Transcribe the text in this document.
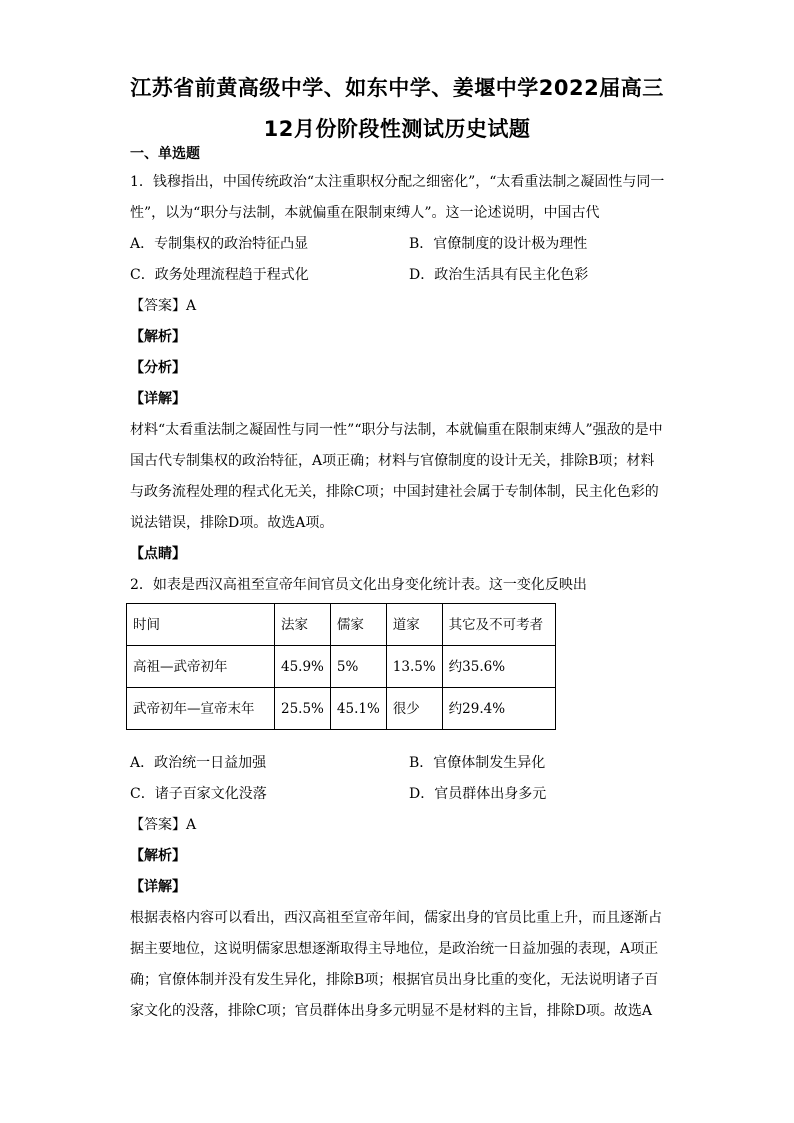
江苏省前黄高级中学、如东中学、姜堰中学2022届高三
12月份阶段性测试历史试题

一、单选题

1．钱穆指出，中国传统政治“太注重职权分配之细密化”，“太看重法制之凝固性与同一

性”，以为“职分与法制，本就偏重在限制束缚人”。这一论述说明，中国古代

A．专制集权的政治特征凸显	B．官僚制度的设计极为理性
C．政务处理流程趋于程式化	D．政治生活具有民主化色彩

【答案】A

【解析】

【分析】

【详解】

材料“太看重法制之凝固性与同一性”“职分与法制，本就偏重在限制束缚人”强敌的是中

国古代专制集权的政治特征，A项正确；材料与官僚制度的设计无关，排除B项；材料

与政务流程处理的程式化无关，排除C项；中国封建社会属于专制体制，民主化色彩的

说法错误，排除D项。故选A项。

【点睛】

2．如表是西汉高祖至宣帝年间官员文化出身变化统计表。这一变化反映出

时间	法家	儒家	道家	其它及不可考者
高祖—武帝初年	45.9%	5%	13.5%	约35.6%
武帝初年—宣帝末年	25.5%	45.1%	很少	约29.4%
A．政治统一日益加强	B．官僚体制发生异化
C．诸子百家文化没落	D．官员群体出身多元

【答案】A

【解析】

【详解】

根据表格内容可以看出，西汉高祖至宣帝年间，儒家出身的官员比重上升，而且逐渐占

据主要地位，这说明儒家思想逐渐取得主导地位，是政治统一日益加强的表现，A项正

确；官僚体制并没有发生异化，排除B项；根据官员出身比重的变化，无法说明诸子百

家文化的没落，排除C项；官员群体出身多元明显不是材料的主旨，排除D项。故选A
